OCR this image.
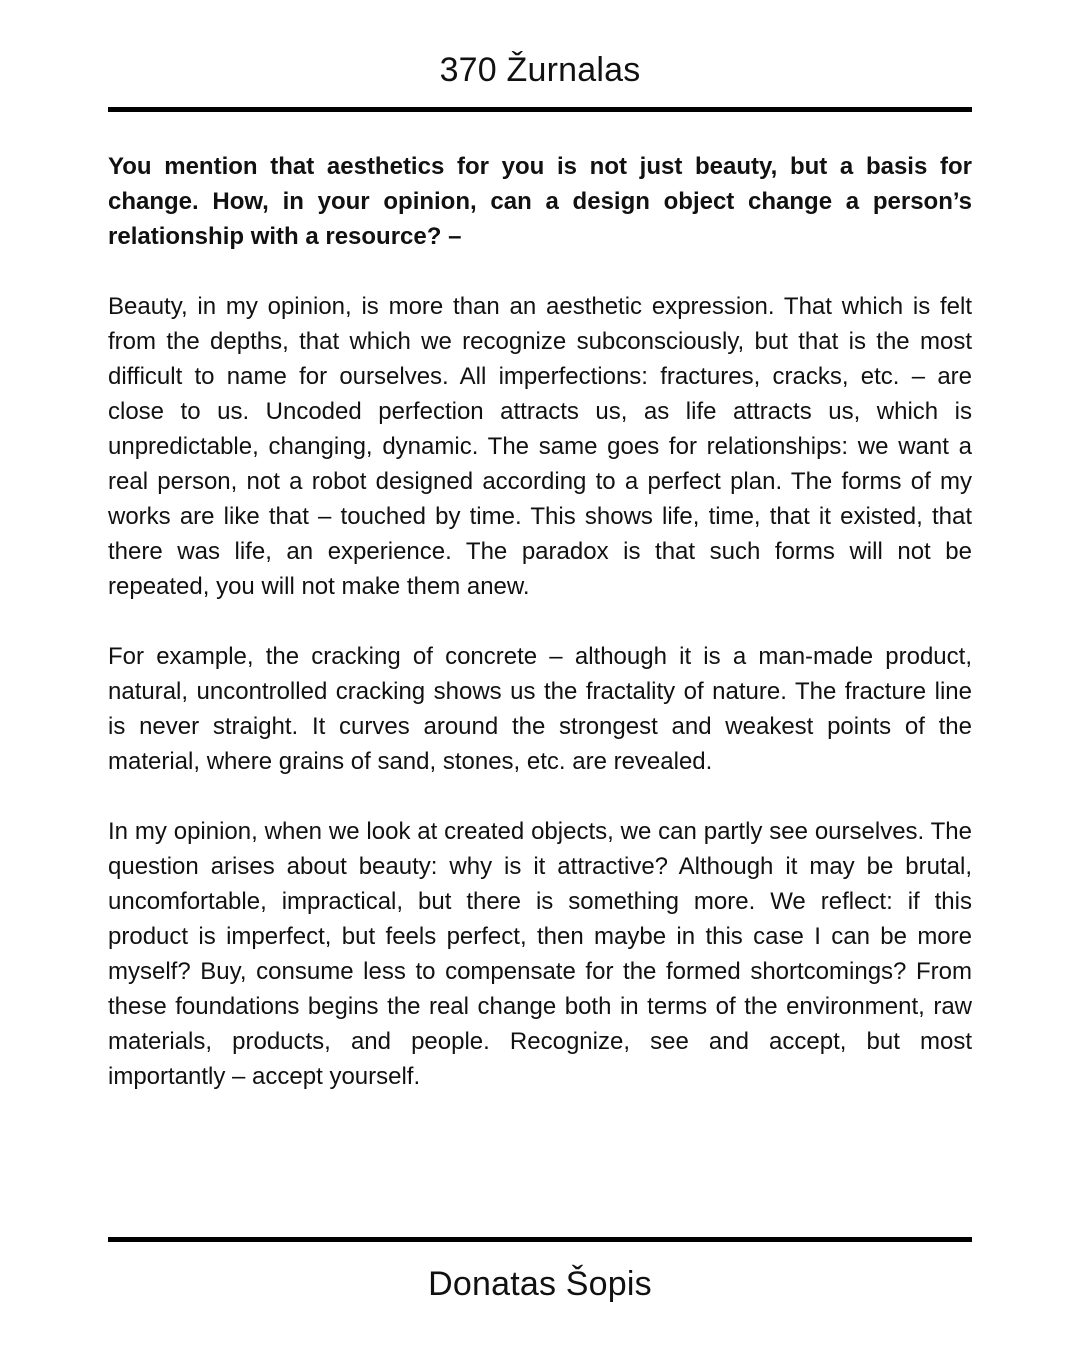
370 Žurnalas

You mention that aesthetics for you is not just beauty, but a basis for change. How, in your opinion, can a design object change a person’s relationship with a resource? –

Beauty, in my opinion, is more than an aesthetic expression. That which is felt from the depths, that which we recognize subconsciously, but that is the most difficult to name for ourselves. All imperfections: fractures, cracks, etc. – are close to us. Uncoded perfection attracts us, as life attracts us, which is unpredictable, changing, dynamic. The same goes for relationships: we want a real person, not a robot designed according to a perfect plan. The forms of my works are like that – touched by time. This shows life, time, that it existed, that there was life, an experience. The paradox is that such forms will not be repeated, you will not make them anew.

For example, the cracking of concrete – although it is a man-made product, natural, uncontrolled cracking shows us the fractality of nature. The fracture line is never straight. It curves around the strongest and weakest points of the material, where grains of sand, stones, etc. are revealed.

In my opinion, when we look at created objects, we can partly see ourselves. The question arises about beauty: why is it attractive? Although it may be brutal, uncomfortable, impractical, but there is something more. We reflect: if this product is imperfect, but feels perfect, then maybe in this case I can be more myself? Buy, consume less to compensate for the formed shortcomings? From these foundations begins the real change both in terms of the environment, raw materials, products, and people. Recognize, see and accept, but most importantly – accept yourself.

Donatas Šopis
